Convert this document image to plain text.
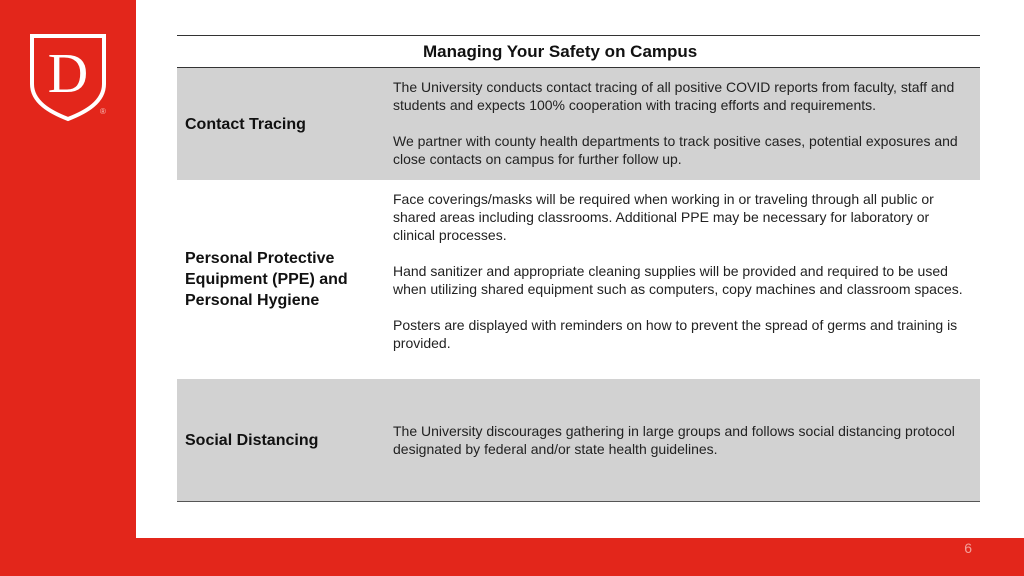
D
®
Managing Your Safety on Campus
Contact Tracing

The University conducts contact tracing of all positive COVID reports from faculty, staff and students and expects 100% cooperation with tracing efforts and requirements.

We partner with county health departments to track positive cases, potential exposures and close contacts on campus for further follow up.

Personal Protective Equipment (PPE) and Personal Hygiene

Face coverings/masks will be required when working in or traveling through all public or shared areas including classrooms. Additional PPE may be necessary for laboratory or clinical processes.

Hand sanitizer and appropriate cleaning supplies will be provided and required to be used when utilizing shared equipment such as computers, copy machines and classroom spaces.

Posters are displayed with reminders on how to prevent the spread of germs and training is provided.

Social Distancing

The University discourages gathering in large groups and follows social distancing protocol designated by federal and/or state health guidelines.

6
